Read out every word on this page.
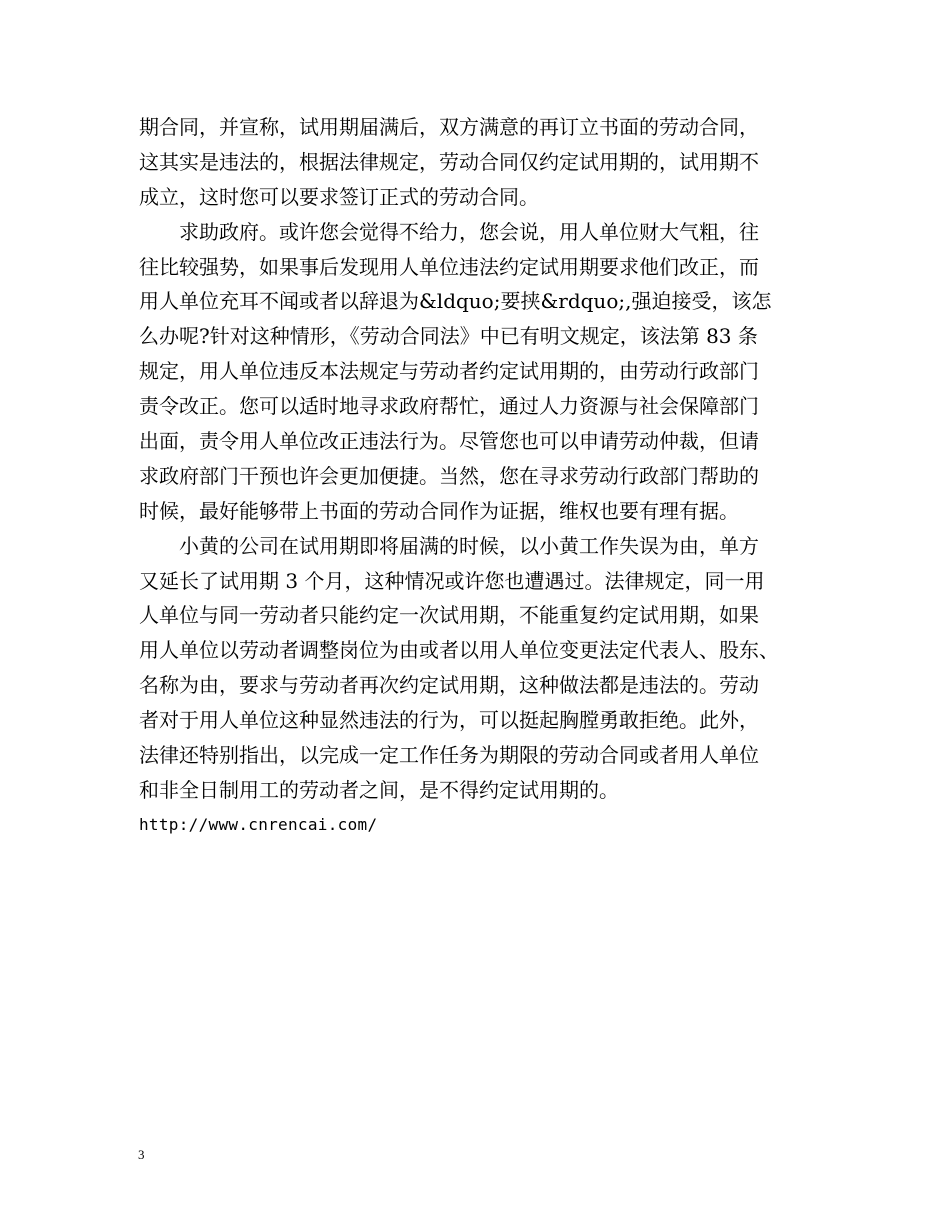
期合同，并宣称，试用期届满后，双方满意的再订立书面的劳动合同，
这其实是违法的，根据法律规定，劳动合同仅约定试用期的，试用期不
成立，这时您可以要求签订正式的劳动合同。
　　求助政府。或许您会觉得不给力，您会说，用人单位财大气粗，往
往比较强势，如果事后发现用人单位违法约定试用期要求他们改正，而
用人单位充耳不闻或者以辞退为&ldquo;要挟&rdquo;,强迫接受，该怎
么办呢?针对这种情形，《劳动合同法》中已有明文规定，该法第 83 条
规定，用人单位违反本法规定与劳动者约定试用期的，由劳动行政部门
责令改正。您可以适时地寻求政府帮忙，通过人力资源与社会保障部门
出面，责令用人单位改正违法行为。尽管您也可以申请劳动仲裁，但请
求政府部门干预也许会更加便捷。当然，您在寻求劳动行政部门帮助的
时候，最好能够带上书面的劳动合同作为证据，维权也要有理有据。
　　小黄的公司在试用期即将届满的时候，以小黄工作失误为由，单方
又延长了试用期 3 个月，这种情况或许您也遭遇过。法律规定，同一用
人单位与同一劳动者只能约定一次试用期，不能重复约定试用期，如果
用人单位以劳动者调整岗位为由或者以用人单位变更法定代表人、股东、
名称为由，要求与劳动者再次约定试用期，这种做法都是违法的。劳动
者对于用人单位这种显然违法的行为，可以挺起胸膛勇敢拒绝。此外，
法律还特别指出，以完成一定工作任务为期限的劳动合同或者用人单位
和非全日制用工的劳动者之间，是不得约定试用期的。
http://www.cnrencai.com/
3
